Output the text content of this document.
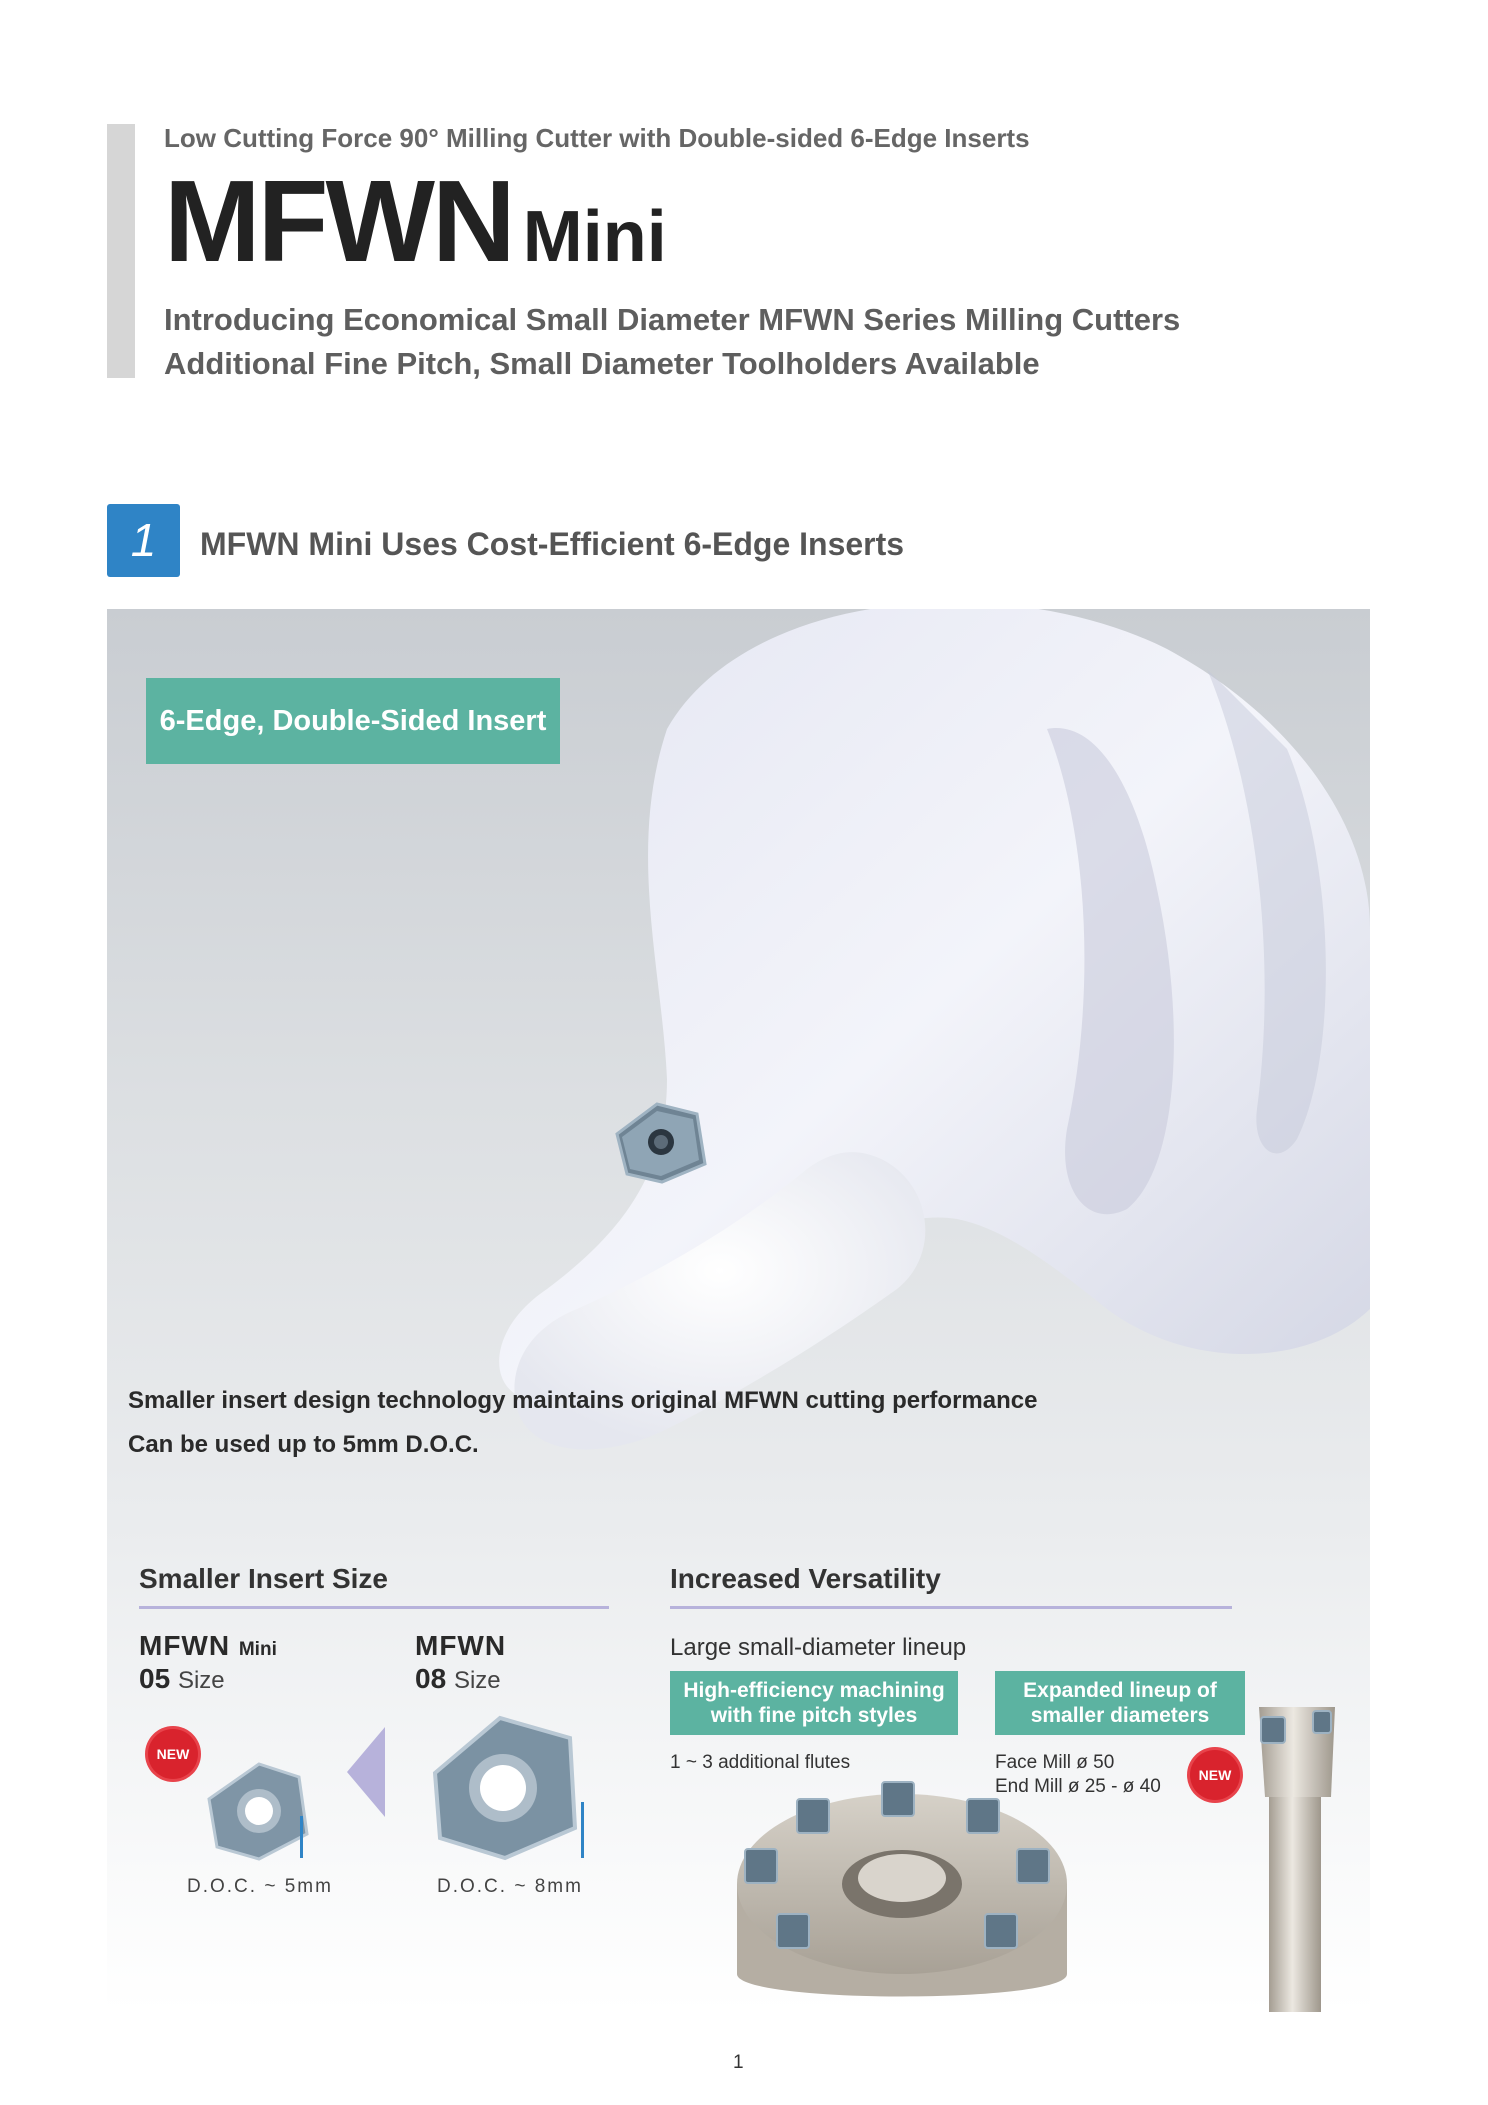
Low Cutting Force 90° Milling Cutter with Double-sided 6-Edge Inserts
MFWN Mini
Introducing Economical Small Diameter MFWN Series Milling Cutters
Additional Fine Pitch, Small Diameter Toolholders Available
1	MFWN Mini Uses Cost-Efficient 6-Edge Inserts
6-Edge, Double-Sided Insert
Smaller insert design technology maintains original MFWN cutting performance
Can be used up to 5mm D.O.C.
Smaller Insert Size
MFWN Mini
05 Size
MFWN
08 Size
NEW
D.O.C. ~ 5mm	D.O.C. ~ 8mm
Increased Versatility
Large small-diameter lineup
High-efficiency machining
with fine pitch styles
Expanded lineup of
smaller diameters
1 ~ 3 additional flutes	Face Mill ø 50
End Mill ø 25 - ø 40
NEW
1
